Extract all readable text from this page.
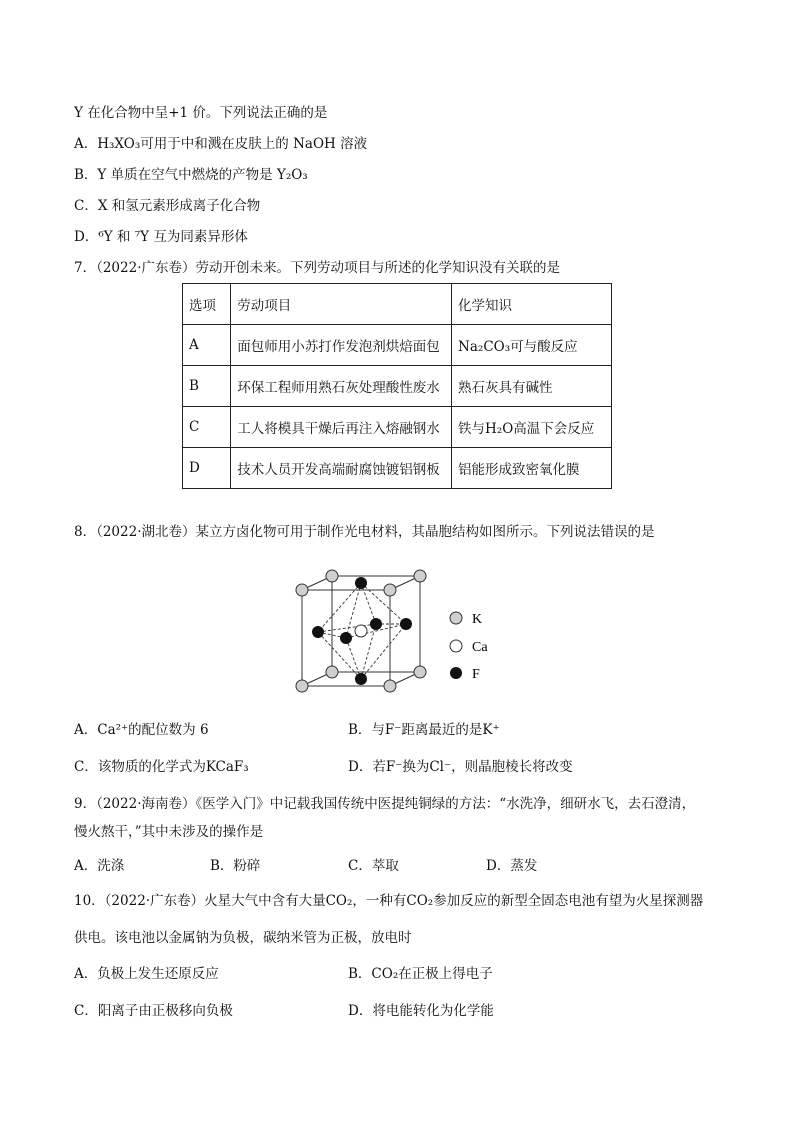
Y 在化合物中呈+1 价。下列说法正确的是
A．H₃XO₃可用于中和溅在皮肤上的 NaOH 溶液
B．Y 单质在空气中燃烧的产物是 Y₂O₃
C．X 和氢元素形成离子化合物
D．⁶Y 和 ⁷Y 互为同素异形体
7．（2022·广东卷）劳动开创未来。下列劳动项目与所述的化学知识没有关联的是
选项	劳动项目	化学知识
A	面包师用小苏打作发泡剂烘焙面包	Na₂CO₃可与酸反应
B	环保工程师用熟石灰处理酸性废水	熟石灰具有碱性
C	工人将模具干燥后再注入熔融钢水	铁与H₂O高温下会反应
D	技术人员开发高端耐腐蚀镀铝钢板	铝能形成致密氧化膜
8．（2022·湖北卷）某立方卤化物可用于制作光电材料，其晶胞结构如图所示。下列说法错误的是
K
Ca
F
A．Ca²⁺的配位数为 6	B．与F⁻距离最近的是K⁺
C．该物质的化学式为KCaF₃	D．若F⁻换为Cl⁻，则晶胞棱长将改变
9．（2022·海南卷）《医学入门》中记载我国传统中医提纯铜绿的方法：“水洗净，细研水飞，去石澄清，
慢火熬干，”其中未涉及的操作是
A．洗涤	B．粉碎	C．萃取	D．蒸发
10．（2022·广东卷）火星大气中含有大量CO₂，一种有CO₂参加反应的新型全固态电池有望为火星探测器
供电。该电池以金属钠为负极，碳纳米管为正极，放电时
A．负极上发生还原反应	B．CO₂在正极上得电子
C．阳离子由正极移向负极	D．将电能转化为化学能
